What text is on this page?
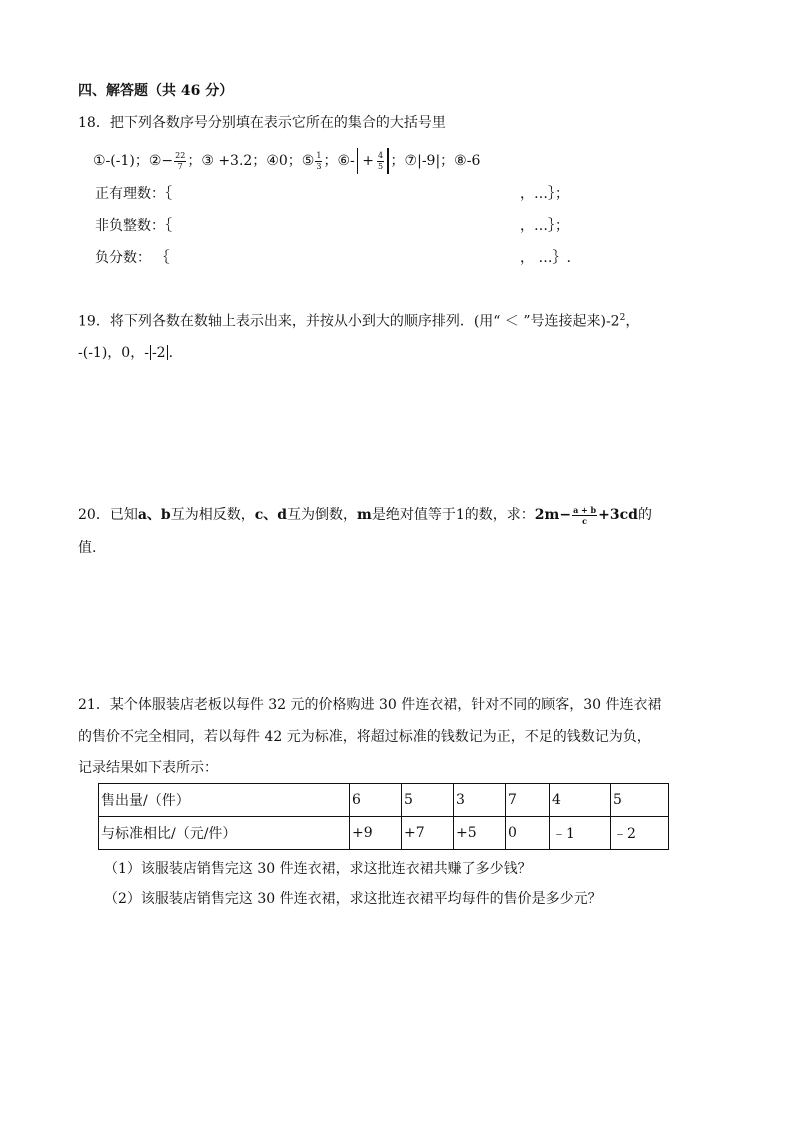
四、解答题（共 46 分）
18．把下列各数序号分别填在表示它所在的集合的大括号里
①-(-1)； ②− $\frac{22}{7}$ ； ③ +3.2； ④0； ⑤ $\frac{1}{3}$ ； ⑥- + $\frac{4}{5}$ ； ⑦|-9|； ⑧-6
正有理数：｛	，…｝；
非负整数：｛	，…｝；
负分数： ｛	， …｝.
19．将下列各数在数轴上表示出来，并按从小到大的顺序排列．(用“ ＜ ”号连接起来)$-2^2$，
-(-1)，0，- -2 .
20．已知 a、b 互为相反数， c、d 互为倒数， m 是绝对值等于 1 的数，求： $2m- \frac{a + b}{c} +3cd$ 的
值.
21．某个体服装店老板以每件 32 元的价格购进 30 件连衣裙，针对不同的顾客，30 件连衣裙
的售价不完全相同，若以每件 42 元为标准，将超过标准的钱数记为正，不足的钱数记为负，
记录结果如下表所示：
售出量/（件）	6	5	3	7	4	5
与标准相比/（元/件）	+9	+7	+5	0	﹣1	﹣2
（1）该服装店销售完这 30 件连衣裙，求这批连衣裙共赚了多少钱？
（2）该服装店销售完这 30 件连衣裙，求这批连衣裙平均每件的售价是多少元？
